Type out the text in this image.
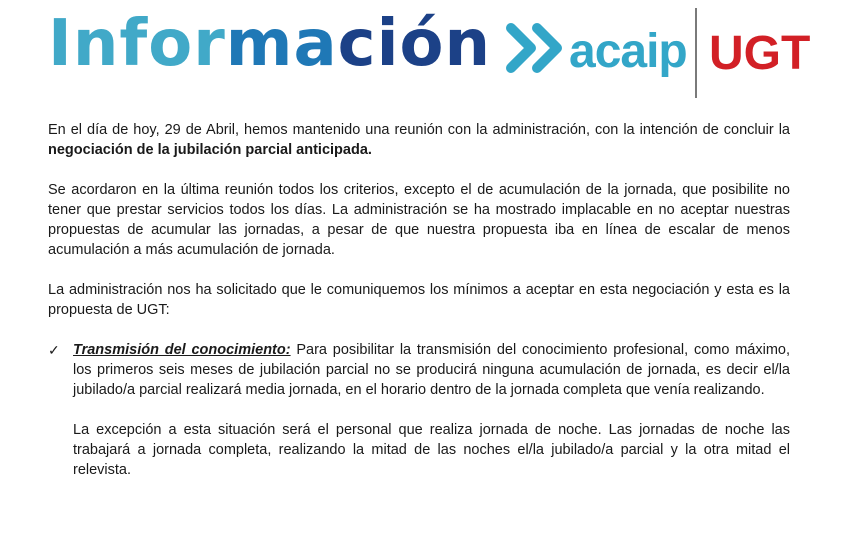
Información acaip UGT

En el día de hoy, 29 de Abril, hemos mantenido una reunión con la administración, con la intención de concluir la negociación de la jubilación parcial anticipada.

Se acordaron en la última reunión todos los criterios, excepto el de acumulación de la jornada, que posibilite no tener que prestar servicios todos los días. La administración se ha mostrado implacable en no aceptar nuestras propuestas de acumular las jornadas, a pesar de que nuestra propuesta iba en línea de escalar de menos acumulación a más acumulación de jornada.

La administración nos ha solicitado que le comuniquemos los mínimos a aceptar en esta negociación y esta es la propuesta de UGT:

✓ Transmisión del conocimiento: Para posibilitar la transmisión del conocimiento profesional, como máximo, los primeros seis meses de jubilación parcial no se producirá ninguna acumulación de jornada, es decir el/la jubilado/a parcial realizará media jornada, en el horario dentro de la jornada completa que venía realizando.

La excepción a esta situación será el personal que realiza jornada de noche. Las jornadas de noche las trabajará a jornada completa, realizando la mitad de las noches el/la jubilado/a parcial y la otra mitad el relevista.
